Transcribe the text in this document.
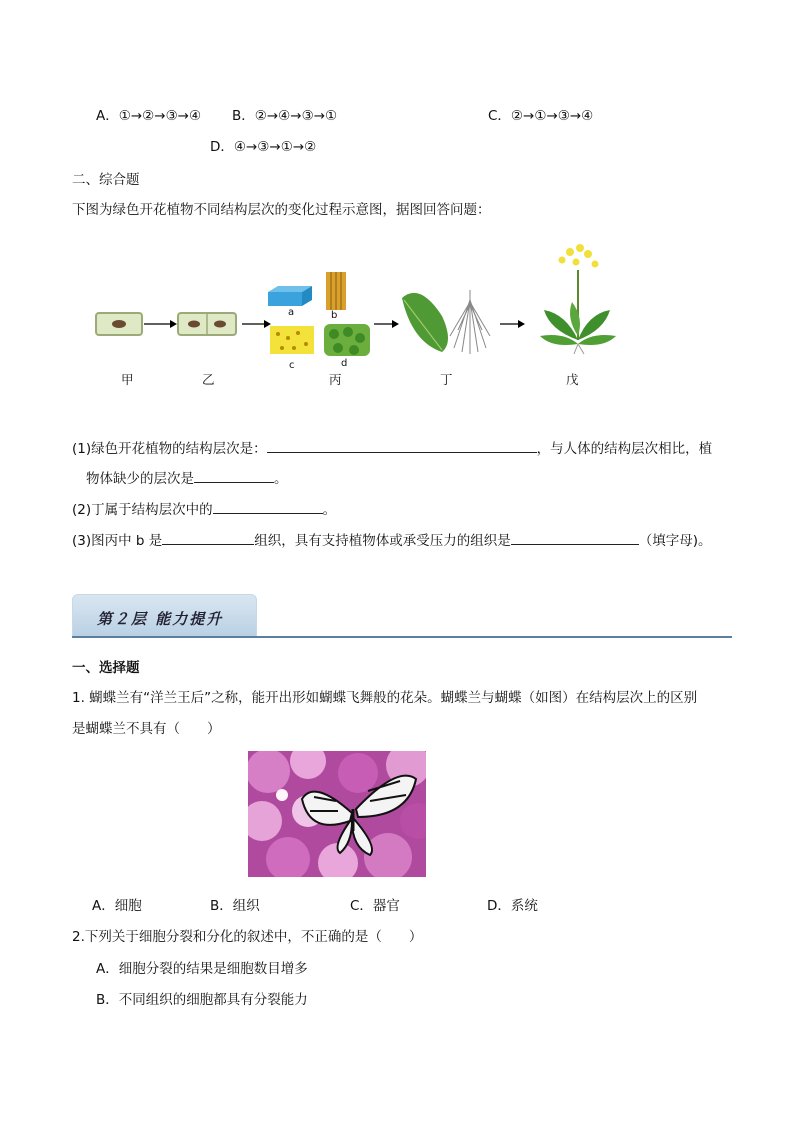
A．①→②→③→④ B．②→④→③→①	C．②→①→③→④
D．④→③→①→②
二、综合题
下图为绿色开花植物不同结构层次的变化过程示意图，据图回答问题：
a	b
c	d
甲	乙	丙	丁	戊
(1)绿色开花植物的结构层次是：	，与人体的结构层次相比，植
物体缺少的层次是	。
(2)丁属于结构层次中的	。
(3)图丙中 b 是	组织，具有支持植物体或承受压力的组织是	（填字母)。
第２层 能力提升
一、选择题
1. 蝴蝶兰有“洋兰王后”之称，能开出形如蝴蝶飞舞般的花朵。蝴蝶兰与蝴蝶（如图）在结构层次上的区别
是蝴蝶兰不具有（　　）
A．细胞	B．组织	C．器官	D．系统
2.下列关于细胞分裂和分化的叙述中，不正确的是（　　）
A．细胞分裂的结果是细胞数目增多
B．不同组织的细胞都具有分裂能力
